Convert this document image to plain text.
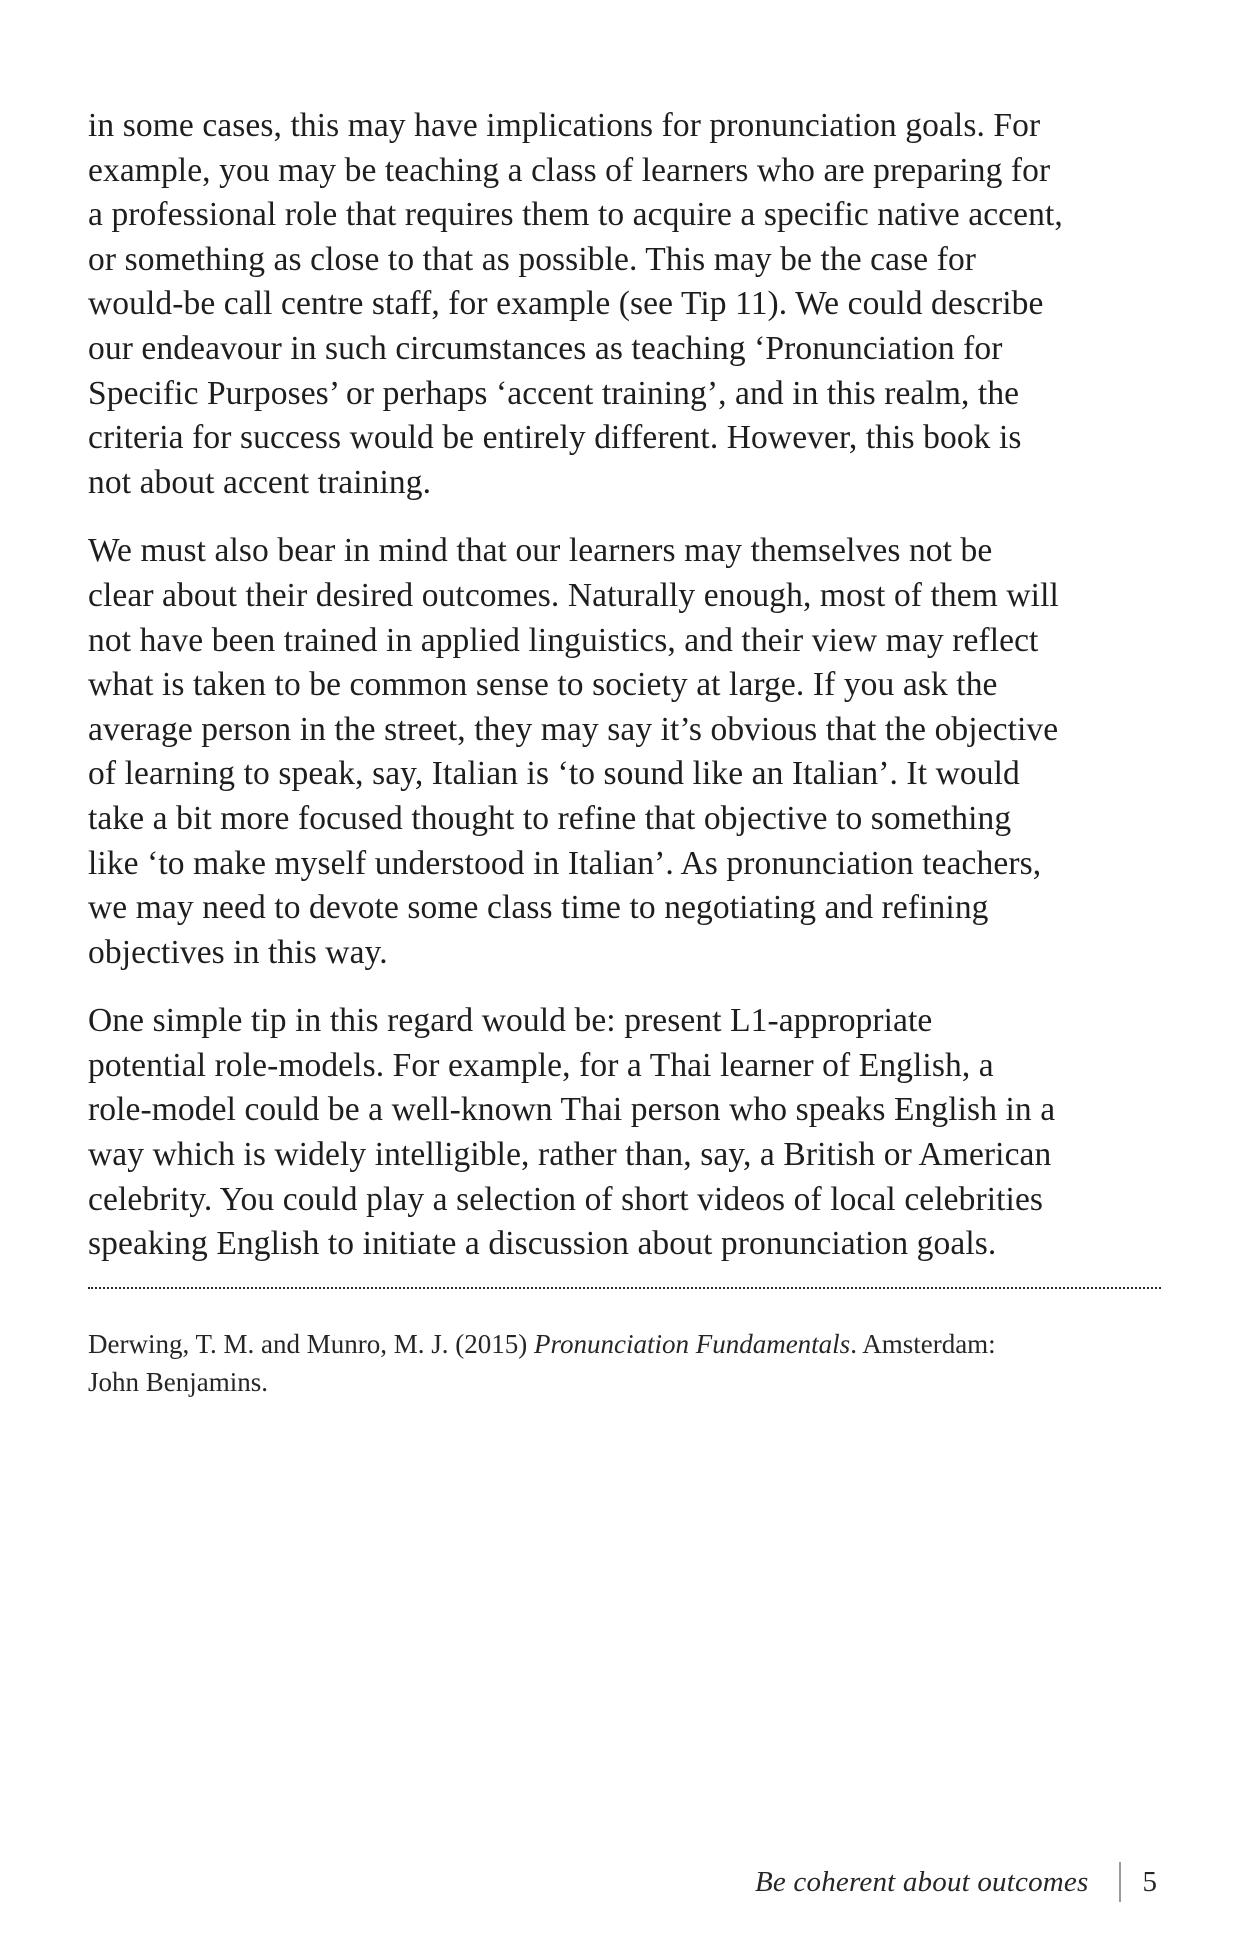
in some cases, this may have implications for pronunciation goals. For
example, you may be teaching a class of learners who are preparing for
a professional role that requires them to acquire a specific native accent,
or something as close to that as possible. This may be the case for
would-be call centre staff, for example (see Tip 11). We could describe
our endeavour in such circumstances as teaching ‘Pronunciation for
Specific Purposes’ or perhaps ‘accent training’, and in this realm, the
criteria for success would be entirely different. However, this book is
not about accent training.

We must also bear in mind that our learners may themselves not be
clear about their desired outcomes. Naturally enough, most of them will
not have been trained in applied linguistics, and their view may reflect
what is taken to be common sense to society at large. If you ask the
average person in the street, they may say it’s obvious that the objective
of learning to speak, say, Italian is ‘to sound like an Italian’. It would
take a bit more focused thought to refine that objective to something
like ‘to make myself understood in Italian’. As pronunciation teachers,
we may need to devote some class time to negotiating and refining
objectives in this way.

One simple tip in this regard would be: present L1-appropriate
potential role-models. For example, for a Thai learner of English, a
role-model could be a well-known Thai person who speaks English in a
way which is widely intelligible, rather than, say, a British or American
celebrity. You could play a selection of short videos of local celebrities
speaking English to initiate a discussion about pronunciation goals.

Derwing, T. M. and Munro, M. J. (2015) Pronunciation Fundamentals. Amsterdam:
John Benjamins.
Be coherent about outcomes 5
